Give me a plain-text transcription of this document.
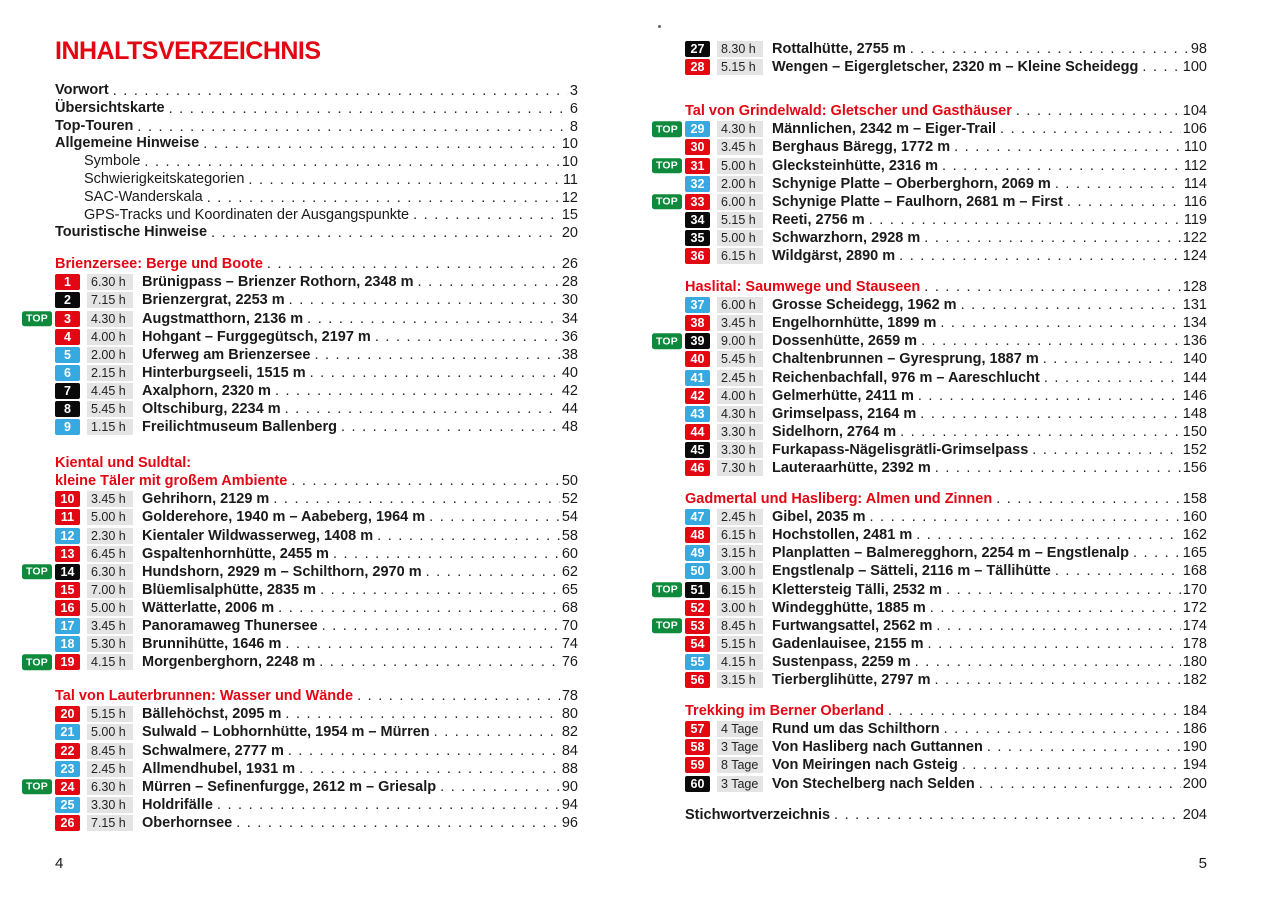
INHALTSVERZEICHNIS
Vorwort . . .	3
Übersichtskarte . . .	6
Top-Touren . . .	8
Allgemeine Hinweise . . .	10
Symbole . . .	10
Schwierigkeitskategorien . . .	11
SAC-Wanderskala . . .	12
GPS-Tracks und Koordinaten der Ausgangspunkte . . .	15
Touristische Hinweise . . .	20
Brienzersee: Berge und Boote . . .	26
1	6.30 h	Brünigpass – Brienzer Rothorn, 2348 m . . .	28
2	7.15 h	Brienzergrat, 2253 m . . .	30
TOP	3	4.30 h	Augstmatthorn, 2136 m . . .	34
4	4.00 h	Hohgant – Furggegütsch, 2197 m . . .	36
5	2.00 h	Uferweg am Brienzersee . . .	38
6	2.15 h	Hinterburgseeli, 1515 m . . .	40
7	4.45 h	Axalphorn, 2320 m . . .	42
8	5.45 h	Oltschiburg, 2234 m . . .	44
9	1.15 h	Freilichtmuseum Ballenberg . . .	48
Kiental und Suldtal:
kleine Täler mit großem Ambiente . . .	50
10	3.45 h	Gehrihorn, 2129 m . . .	52
11	5.00 h	Golderehore, 1940 m – Aabeberg, 1964 m . . .	54
12	2.30 h	Kientaler Wildwasserweg, 1408 m . . .	58
13	6.45 h	Gspaltenhornhütte, 2455 m . . .	60
TOP	14	6.30 h	Hundshorn, 2929 m – Schilthorn, 2970 m . . .	62
15	7.00 h	Blüemlisalphütte, 2835 m . . .	65
16	5.00 h	Wätterlatte, 2006 m . . .	68
17	3.45 h	Panoramaweg Thunersee . . .	70
18	5.30 h	Brunnihütte, 1646 m . . .	74
TOP	19	4.15 h	Morgenberghorn, 2248 m . . .	76
Tal von Lauterbrunnen: Wasser und Wände . . .	78
20	5.15 h	Bällehöchst, 2095 m . . .	80
21	5.00 h	Sulwald – Lobhornhütte, 1954 m – Mürren . . .	82
22	8.45 h	Schwalmere, 2777 m . . .	84
23	2.45 h	Allmendhubel, 1931 m . . .	88
TOP	24	6.30 h	Mürren – Sefinenfurgge, 2612 m – Griesalp . . .	90
25	3.30 h	Holdrifälle . . .	94
26	7.15 h	Oberhornsee . . .	96
27	8.30 h	Rottalhütte, 2755 m . . .	98
28	5.15 h	Wengen – Eigergletscher, 2320 m – Kleine Scheidegg . . .	100
Tal von Grindelwald: Gletscher und Gasthäuser . . .	104
TOP	29	4.30 h	Männlichen, 2342 m – Eiger-Trail . . .	106
30	3.45 h	Berghaus Bäregg, 1772 m . . .	110
TOP	31	5.00 h	Glecksteinhütte, 2316 m . . .	112
32	2.00 h	Schynige Platte – Oberberghorn, 2069 m . . .	114
TOP	33	6.00 h	Schynige Platte – Faulhorn, 2681 m – First . . .	116
34	5.15 h	Reeti, 2756 m . . .	119
35	5.00 h	Schwarzhorn, 2928 m . . .	122
36	6.15 h	Wildgärst, 2890 m . . .	124
Haslital: Saumwege und Stauseen . . .	128
37	6.00 h	Grosse Scheidegg, 1962 m . . .	131
38	3.45 h	Engelhornhütte, 1899 m . . .	134
TOP	39	9.00 h	Dossenhütte, 2659 m . . .	136
40	5.45 h	Chaltenbrunnen – Gyresprung, 1887 m . . .	140
41	2.45 h	Reichenbachfall, 976 m – Aareschlucht . . .	144
42	4.00 h	Gelmerhütte, 2411 m . . .	146
43	4.30 h	Grimselpass, 2164 m . . .	148
44	3.30 h	Sidelhorn, 2764 m . . .	150
45	3.30 h	Furkapass-Nägelisgrätli-Grimselpass . . .	152
46	7.30 h	Lauteraarhütte, 2392 m . . .	156
Gadmertal und Hasliberg: Almen und Zinnen . . .	158
47	2.45 h	Gibel, 2035 m . . .	160
48	6.15 h	Hochstollen, 2481 m . . .	162
49	3.15 h	Planplatten – Balmeregghorn, 2254 m – Engstlenalp . . .	165
50	3.00 h	Engstlenalp – Sätteli, 2116 m – Tällihütte . . .	168
TOP	51	6.15 h	Klettersteig Tälli, 2532 m . . .	170
52	3.00 h	Windegghütte, 1885 m . . .	172
TOP	53	8.45 h	Furtwangsattel, 2562 m . . .	174
54	5.15 h	Gadenlauisee, 2155 m . . .	178
55	4.15 h	Sustenpass, 2259 m . . .	180
56	3.15 h	Tierberglihütte, 2797 m . . .	182
Trekking im Berner Oberland . . .	184
57	4 Tage Rund um das Schilthorn . . .	186
58	3 Tage Von Hasliberg nach Guttannen . . .	190
59	8 Tage Von Meiringen nach Gsteig . . .	194
60	3 Tage Von Stechelberg nach Selden . . .	200
Stichwortverzeichnis . . .	204
4	5
